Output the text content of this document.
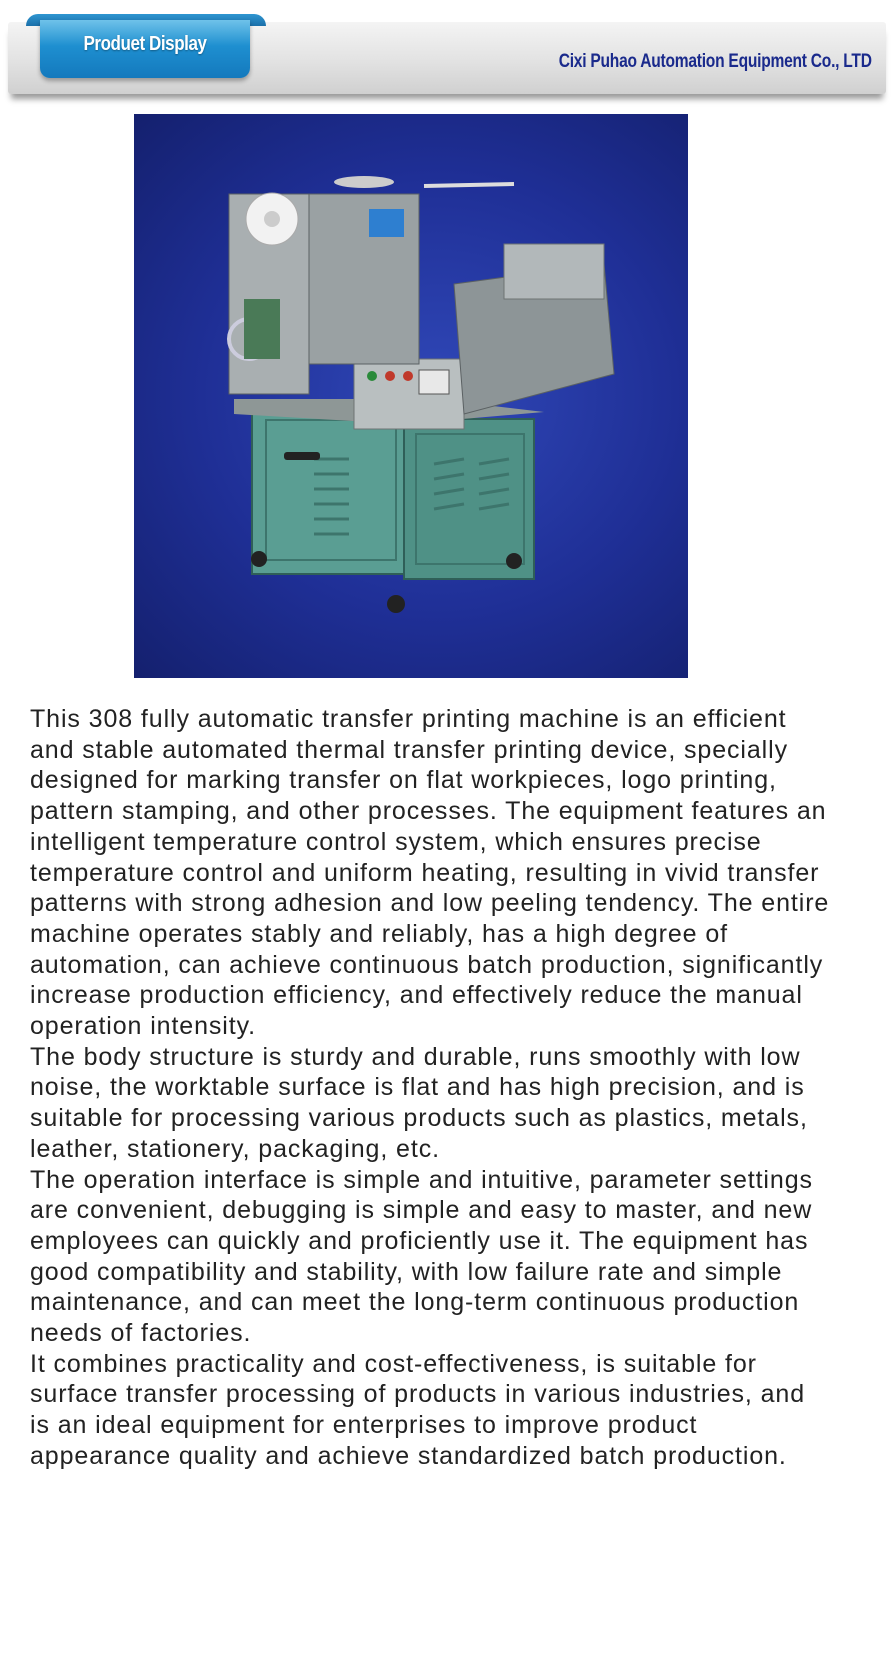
Cixi Puhao Automation Equipment Co., LTD
Produet Display

This 308 fully automatic transfer printing machine is an efficient and stable automated thermal transfer printing device, specially designed for marking transfer on flat workpieces, logo printing, pattern stamping, and other processes. The equipment features an intelligent temperature control system, which ensures precise temperature control and uniform heating, resulting in vivid transfer patterns with strong adhesion and low peeling tendency. The entire machine operates stably and reliably, has a high degree of automation, can achieve continuous batch production, significantly increase production efficiency, and effectively reduce the manual operation intensity.

The body structure is sturdy and durable, runs smoothly with low noise, the worktable surface is flat and has high precision, and is suitable for processing various products such as plastics, metals, leather, stationery, packaging, etc.

The operation interface is simple and intuitive, parameter settings are convenient, debugging is simple and easy to master, and new employees can quickly and proficiently use it. The equipment has good compatibility and stability, with low failure rate and simple maintenance, and can meet the long-term continuous production needs of factories.

It combines practicality and cost-effectiveness, is suitable for surface transfer processing of products in various industries, and is an ideal equipment for enterprises to improve product appearance quality and achieve standardized batch production.
